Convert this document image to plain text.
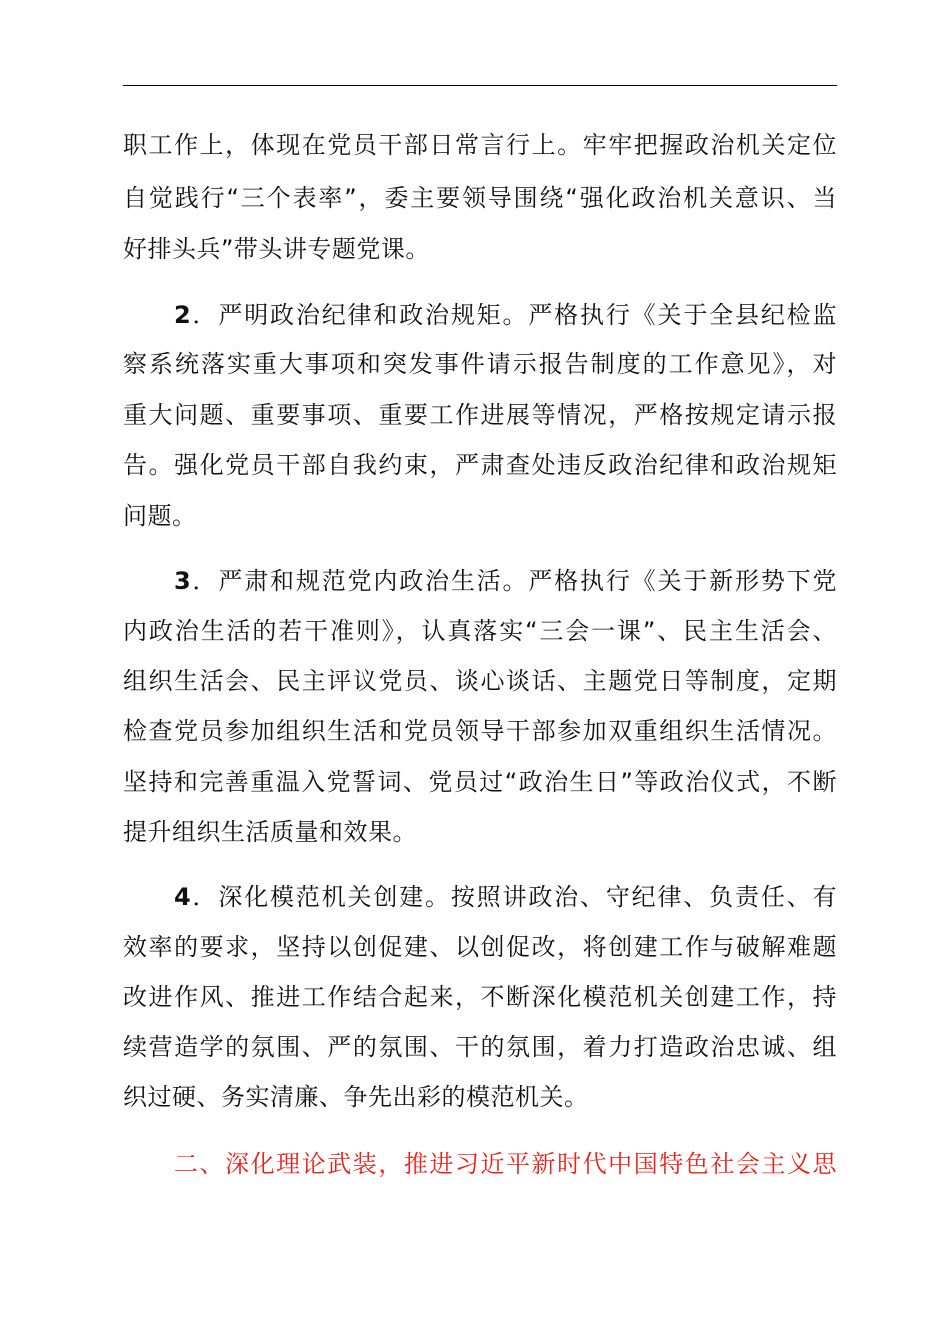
职工作上，体现在党员干部日常言行上。牢牢把握政治机关定位
自觉践行“三个表率”，委主要领导围绕“强化政治机关意识、当
好排头兵”带头讲专题党课。
2．严明政治纪律和政治规矩。严格执行《关于全县纪检监
察系统落实重大事项和突发事件请示报告制度的工作意见》，对
重大问题、重要事项、重要工作进展等情况，严格按规定请示报
告。强化党员干部自我约束，严肃查处违反政治纪律和政治规矩
问题。
3．严肃和规范党内政治生活。严格执行《关于新形势下党
内政治生活的若干准则》，认真落实“三会一课”、民主生活会、
组织生活会、民主评议党员、谈心谈话、主题党日等制度，定期
检查党员参加组织生活和党员领导干部参加双重组织生活情况。
坚持和完善重温入党誓词、党员过“政治生日”等政治仪式，不断
提升组织生活质量和效果。
4．深化模范机关创建。按照讲政治、守纪律、负责任、有
效率的要求，坚持以创促建、以创促改，将创建工作与破解难题
改进作风、推进工作结合起来，不断深化模范机关创建工作，持
续营造学的氛围、严的氛围、干的氛围，着力打造政治忠诚、组
织过硬、务实清廉、争先出彩的模范机关。
二、深化理论武装，推进习近平新时代中国特色社会主义思
